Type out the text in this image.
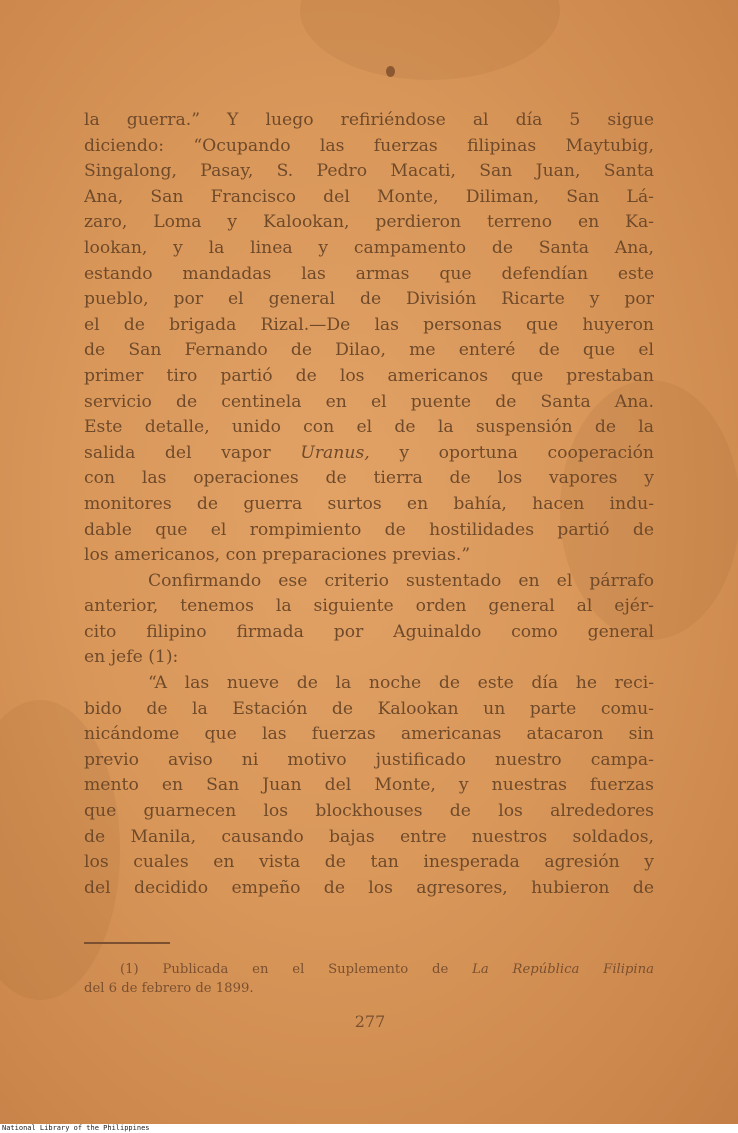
la guerra.” Y luego refiriéndose al día 5 sigue
diciendo: “Ocupando las fuerzas filipinas Maytubig,
Singalong, Pasay, S. Pedro Macati, San Juan, Santa
Ana, San Francisco del Monte, Diliman, San Lá-
zaro, Loma y Kalookan, perdieron terreno en Ka-
lookan, y la linea y campamento de Santa Ana,
estando mandadas las armas que defendían este
pueblo, por el general de División Ricarte y por
el de brigada Rizal.—De las personas que huyeron
de San Fernando de Dilao, me enteré de que el
primer tiro partió de los americanos que prestaban
servicio de centinela en el puente de Santa Ana.
Este detalle, unido con el de la suspensión de la
salida del vapor Uranus, y oportuna cooperación
con las operaciones de tierra de los vapores y
monitores de guerra surtos en bahía, hacen indu-
dable que el rompimiento de hostilidades partió de
los americanos, con preparaciones previas.”
Confirmando ese criterio sustentado en el párrafo
anterior, tenemos la siguiente orden general al ejér-
cito filipino firmada por Aguinaldo como general
en jefe (1):
“A las nueve de la noche de este día he reci-
bido de la Estación de Kalookan un parte comu-
nicándome que las fuerzas americanas atacaron sin
previo aviso ni motivo justificado nuestro campa-
mento en San Juan del Monte, y nuestras fuerzas
que guarnecen los blockhouses de los alrededores
de Manila, causando bajas entre nuestros soldados,
los cuales en vista de tan inesperada agresión y
del decidido empeño de los agresores, hubieron de
(1) Publicada en el Suplemento de La República Filipina
del 6 de febrero de 1899.
277
National Library of the Philippines
